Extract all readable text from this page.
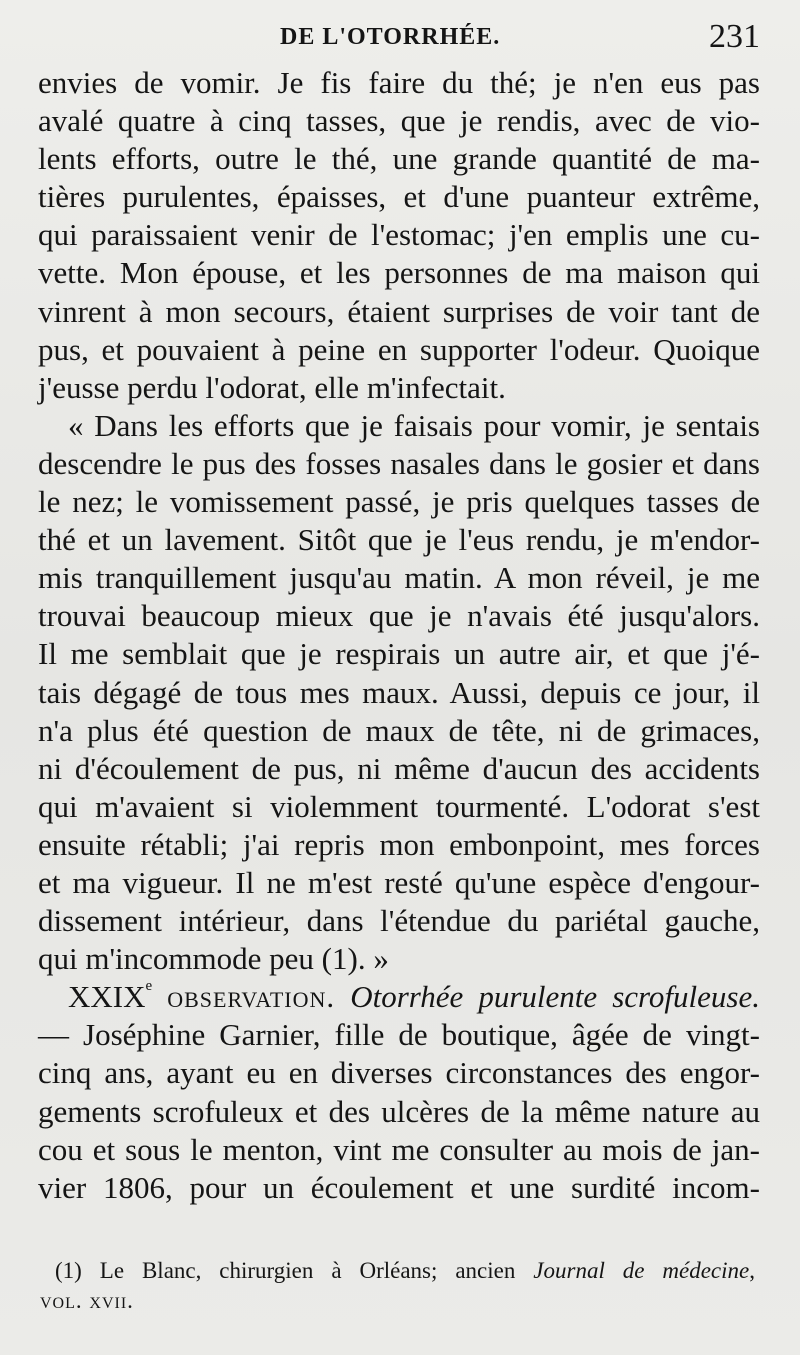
DE L'OTORRHÉE.	231
envies de vomir. Je fis faire du thé; je n'en eus pas
avalé quatre à cinq tasses, que je rendis, avec de vio-
lents efforts, outre le thé, une grande quantité de ma-
tières purulentes, épaisses, et d'une puanteur extrême,
qui paraissaient venir de l'estomac; j'en emplis une cu-
vette. Mon épouse, et les personnes de ma maison qui
vinrent à mon secours, étaient surprises de voir tant de
pus, et pouvaient à peine en supporter l'odeur. Quoique
j'eusse perdu l'odorat, elle m'infectait.
« Dans les efforts que je faisais pour vomir, je sentais
descendre le pus des fosses nasales dans le gosier et dans
le nez; le vomissement passé, je pris quelques tasses de
thé et un lavement. Sitôt que je l'eus rendu, je m'endor-
mis tranquillement jusqu'au matin. A mon réveil, je me
trouvai beaucoup mieux que je n'avais été jusqu'alors.
Il me semblait que je respirais un autre air, et que j'é-
tais dégagé de tous mes maux. Aussi, depuis ce jour, il
n'a plus été question de maux de tête, ni de grimaces,
ni d'écoulement de pus, ni même d'aucun des accidents
qui m'avaient si violemment tourmenté. L'odorat s'est
ensuite rétabli; j'ai repris mon embonpoint, mes forces
et ma vigueur. Il ne m'est resté qu'une espèce d'engour-
dissement intérieur, dans l'étendue du pariétal gauche,
qui m'incommode peu (1). »
XXIXe observation. Otorrhée purulente scrofuleuse.
— Joséphine Garnier, fille de boutique, âgée de vingt-
cinq ans, ayant eu en diverses circonstances des engor-
gements scrofuleux et des ulcères de la même nature au
cou et sous le menton, vint me consulter au mois de jan-
vier 1806, pour un écoulement et une surdité incom-
(1) Le Blanc, chirurgien à Orléans; ancien Journal de médecine,
vol. xvii.
